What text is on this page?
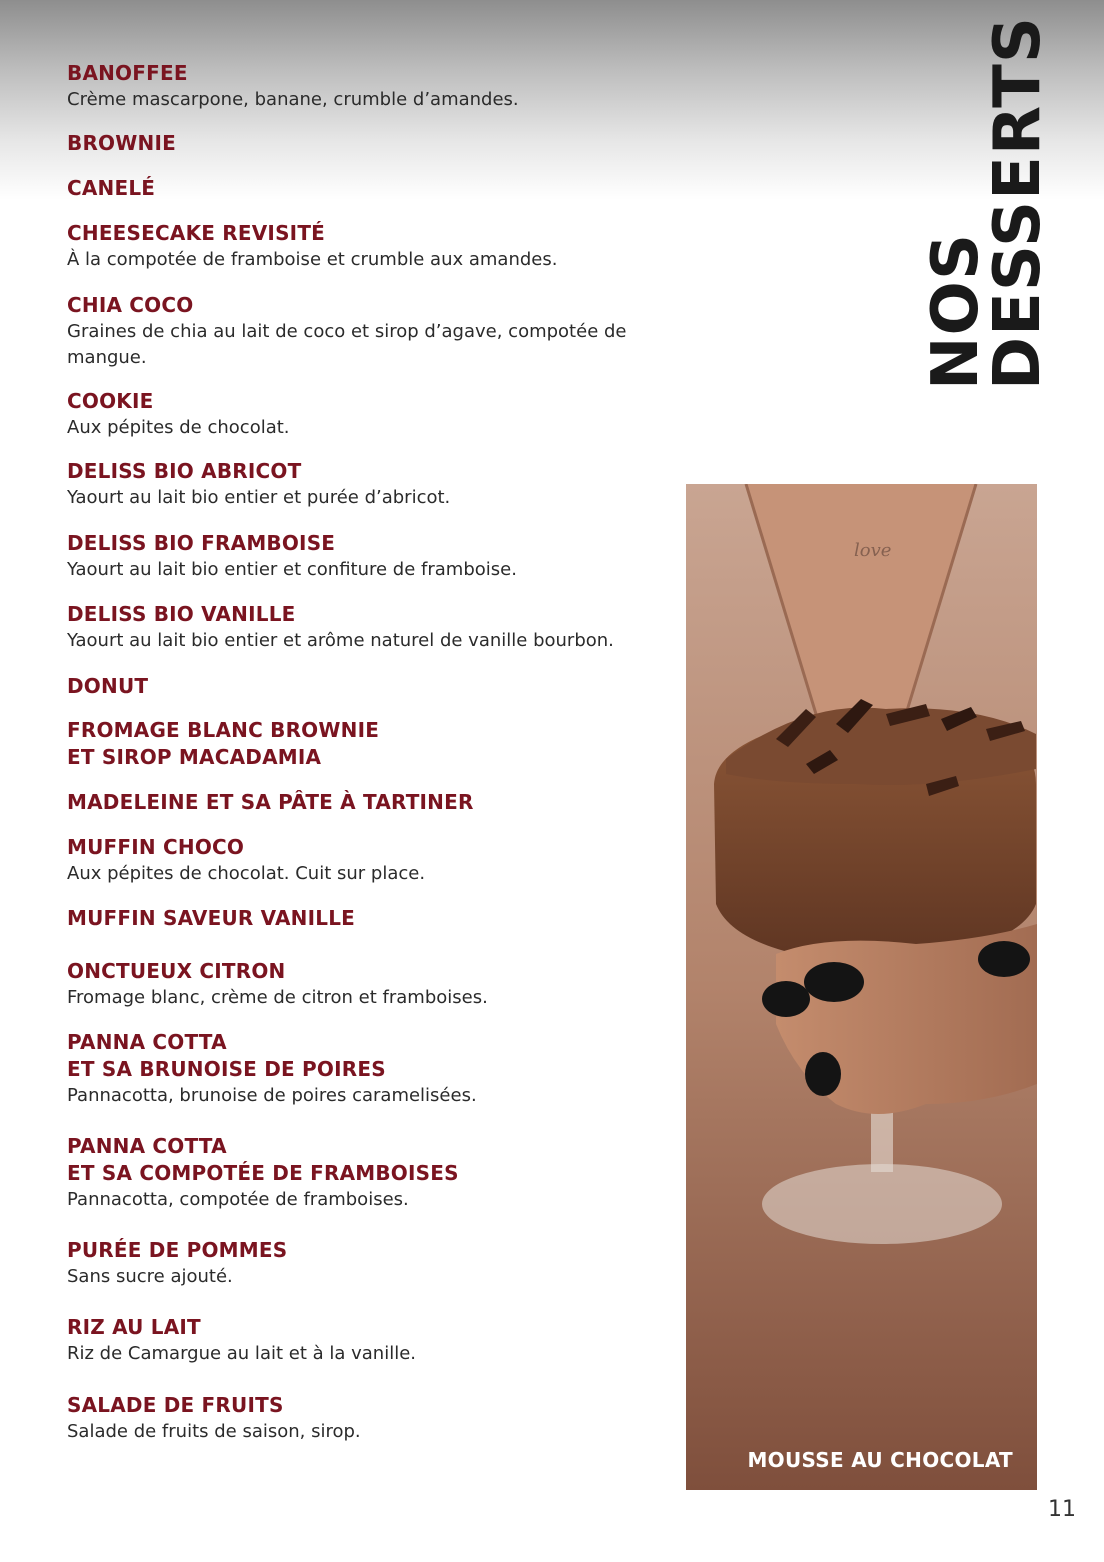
BANOFFEE
Crème mascarpone, banane, crumble d’amandes.
BROWNIE
CANELÉ
CHEESECAKE REVISITÉ
À la compotée de framboise et crumble aux amandes.
CHIA COCO
Graines de chia au lait de coco et sirop d’agave, compotée de
mangue.
COOKIE
Aux pépites de chocolat.
DELISS BIO ABRICOT
Yaourt au lait bio entier et purée d’abricot.
DELISS BIO FRAMBOISE
Yaourt au lait bio entier et confiture de framboise.
DELISS BIO VANILLE
Yaourt au lait bio entier et arôme naturel de vanille bourbon.
DONUT
FROMAGE BLANC BROWNIE
ET SIROP MACADAMIA
MADELEINE ET SA PÂTE À TARTINER
MUFFIN CHOCO
Aux pépites de chocolat. Cuit sur place.
MUFFIN SAVEUR VANILLE
ONCTUEUX CITRON
Fromage blanc, crème de citron et framboises.
PANNA COTTA
ET SA BRUNOISE DE POIRES
Pannacotta, brunoise de poires caramelisées.
PANNA COTTA
ET SA COMPOTÉE DE FRAMBOISES
Pannacotta, compotée de framboises.
PURÉE DE POMMES
Sans sucre ajouté.
RIZ AU LAIT
Riz de Camargue au lait et à la vanille.
SALADE DE FRUITS
Salade de fruits de saison, sirop.
NOS
DESSERTS
love
MOUSSE AU CHOCOLAT
11
